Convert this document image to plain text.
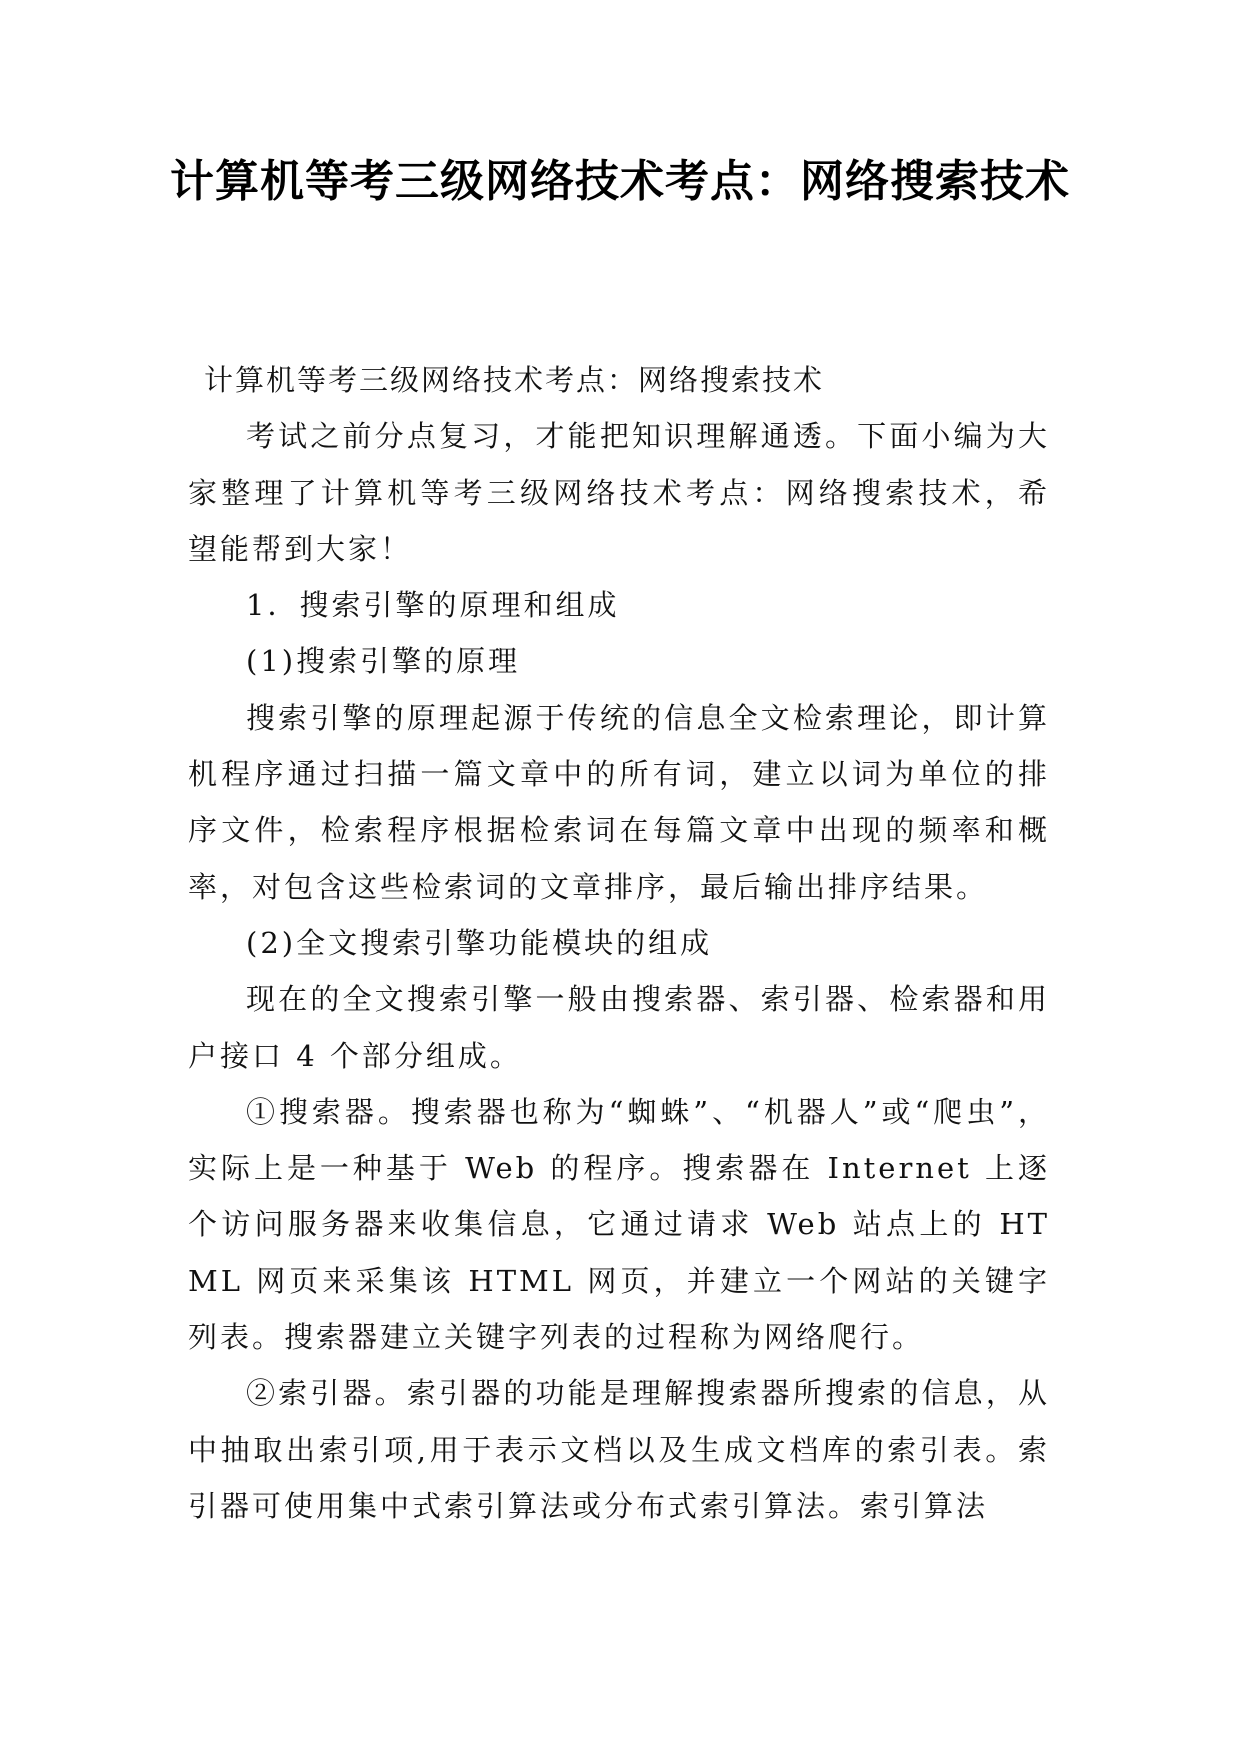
计算机等考三级网络技术考点：网络搜索技术

计算机等考三级网络技术考点：网络搜索技术

考试之前分点复习，才能把知识理解通透。下面小编为大家整理了计算机等考三级网络技术考点：网络搜索技术，希望能帮到大家！

1．搜索引擎的原理和组成

(1)搜索引擎的原理

搜索引擎的原理起源于传统的信息全文检索理论，即计算机程序通过扫描一篇文章中的所有词，建立以词为单位的排序文件，检索程序根据检索词在每篇文章中出现的频率和概率，对包含这些检索词的文章排序，最后输出排序结果。

(2)全文搜索引擎功能模块的组成

现在的全文搜索引擎一般由搜索器、索引器、检索器和用户接口 4 个部分组成。

①搜索器。搜索器也称为“蜘蛛”、“机器人”或“爬虫”，实际上是一种基于 Web 的程序。搜索器在 Internet 上逐个访问服务器来收集信息，它通过请求 Web 站点上的 HTML 网页来采集该 HTML 网页，并建立一个网站的关键字列表。搜索器建立关键字列表的过程称为网络爬行。

②索引器。索引器的功能是理解搜索器所搜索的信息，从中抽取出索引项,用于表示文档以及生成文档库的索引表。索引器可使用集中式索引算法或分布式索引算法。索引算法
